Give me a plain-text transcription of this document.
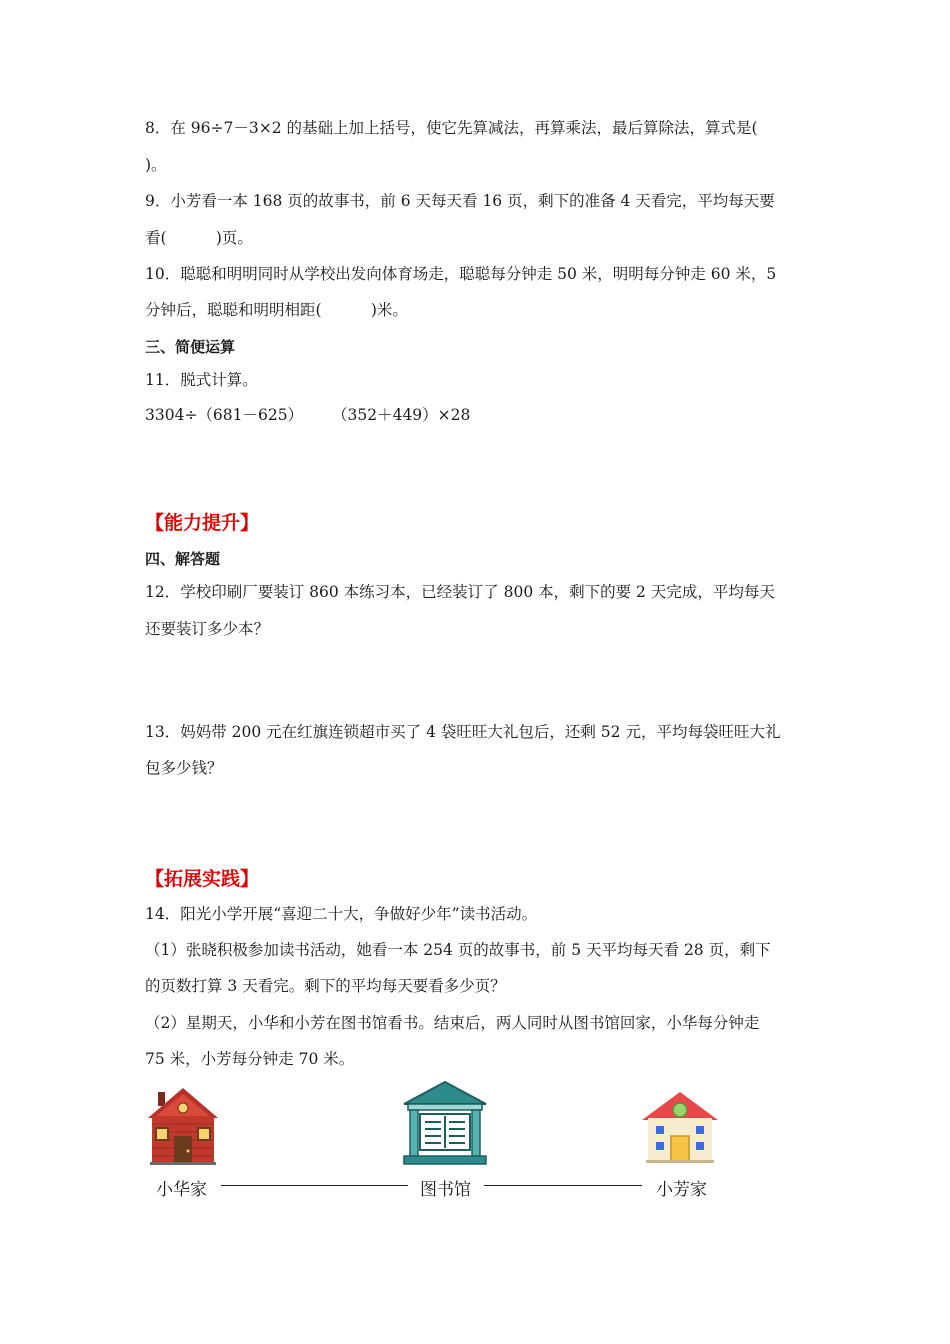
8．在 96÷7－3×2 的基础上加上括号，使它先算减法，再算乘法，最后算除法，算式是(
)。
9．小芳看一本 168 页的故事书，前 6 天每天看 16 页，剩下的准备 4 天看完，平均每天要
看(          )页。
10．聪聪和明明同时从学校出发向体育场走，聪聪每分钟走 50 米，明明每分钟走 60 米，5
分钟后，聪聪和明明相距(          )米。
三、简便运算
11．脱式计算。
3304÷（681－625） （352＋449）×28
【能力提升】
四、解答题
12．学校印刷厂要装订 860 本练习本，已经装订了 800 本，剩下的要 2 天完成，平均每天
还要装订多少本？
13．妈妈带 200 元在红旗连锁超市买了 4 袋旺旺大礼包后，还剩 52 元，平均每袋旺旺大礼
包多少钱？
【拓展实践】
14．阳光小学开展“喜迎二十大，争做好少年”读书活动。
（1）张晓积极参加读书活动，她看一本 254 页的故事书，前 5 天平均每天看 28 页，剩下
的页数打算 3 天看完。剩下的平均每天要看多少页？
（2）星期天，小华和小芳在图书馆看书。结束后，两人同时从图书馆回家，小华每分钟走
75 米，小芳每分钟走 70 米。
小华家	图书馆	小芳家
